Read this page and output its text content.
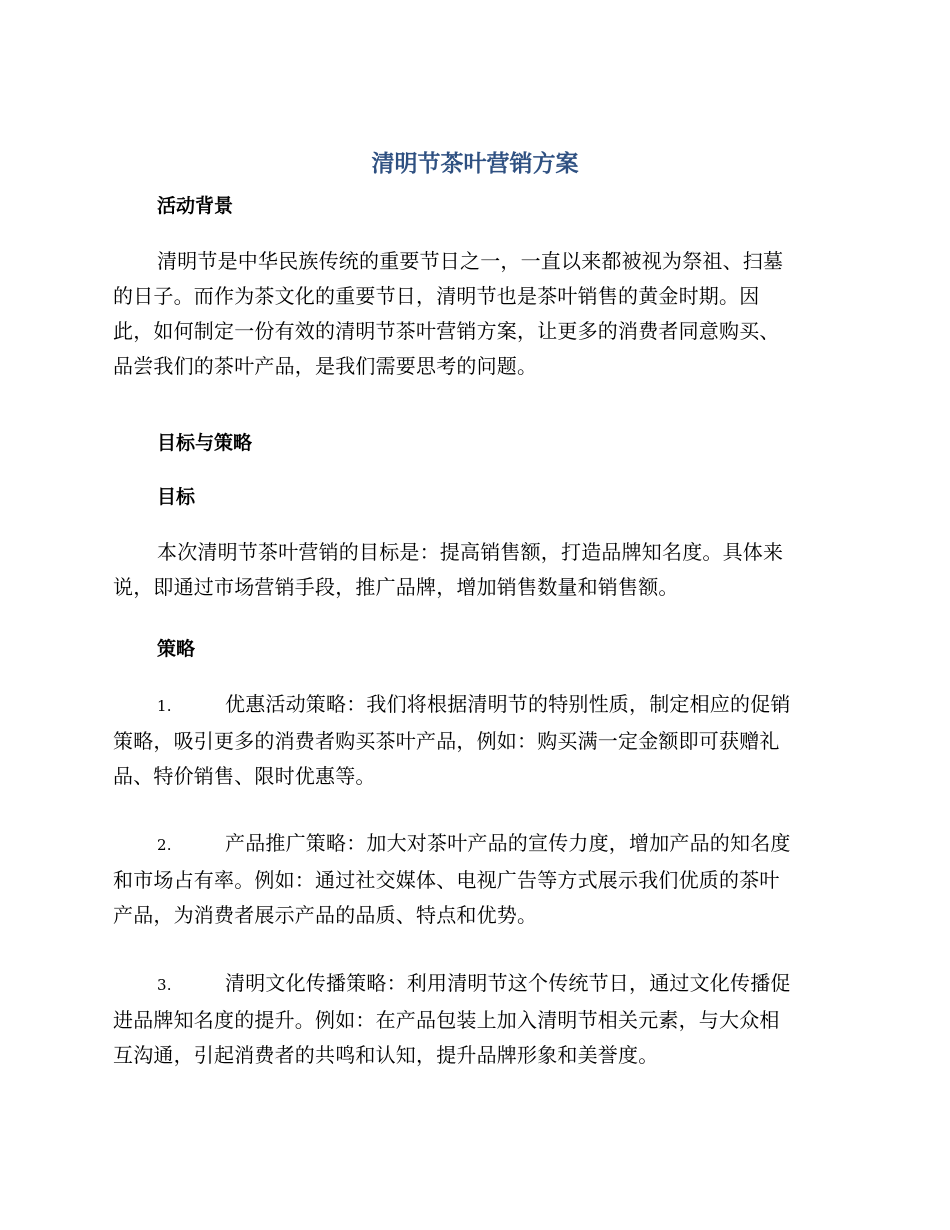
清明节茶叶营销方案
活动背景
清明节是中华民族传统的重要节日之一，一直以来都被视为祭祖、扫墓
的日子。而作为茶文化的重要节日，清明节也是茶叶销售的黄金时期。因
此，如何制定一份有效的清明节茶叶营销方案，让更多的消费者同意购买、
品尝我们的茶叶产品，是我们需要思考的问题。
目标与策略
目标
本次清明节茶叶营销的目标是：提高销售额，打造品牌知名度。具体来
说，即通过市场营销手段，推广品牌，增加销售数量和销售额。
策略
1.	优惠活动策略：我们将根据清明节的特别性质，制定相应的促销
策略，吸引更多的消费者购买茶叶产品，例如：购买满一定金额即可获赠礼
品、特价销售、限时优惠等。
2.	产品推广策略：加大对茶叶产品的宣传力度，增加产品的知名度
和市场占有率。例如：通过社交媒体、电视广告等方式展示我们优质的茶叶
产品，为消费者展示产品的品质、特点和优势。
3.	清明文化传播策略：利用清明节这个传统节日，通过文化传播促
进品牌知名度的提升。例如：在产品包装上加入清明节相关元素，与大众相
互沟通，引起消费者的共鸣和认知，提升品牌形象和美誉度。
